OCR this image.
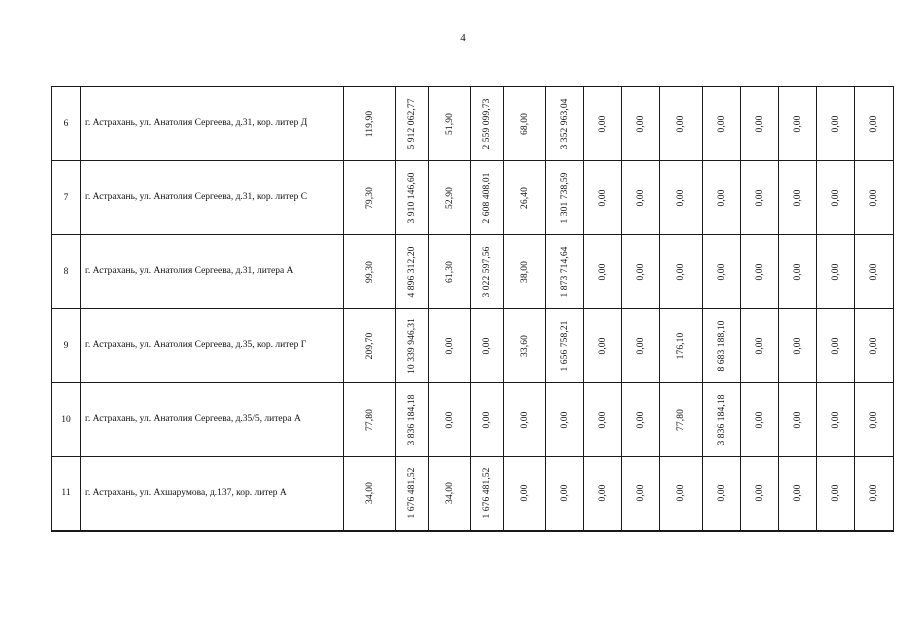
4
6	г. Астрахань, ул. Анатолия Сергеева, д.31, кор. литер Д	119,90	5 912 062,77	51,90	2 559 099,73	68,00	3 352 963,04	0,00	0,00	0,00	0,00	0,00	0,00	0,00	0,00

7	г. Астрахань, ул. Анатолия Сергеева, д.31, кор. литер С	79,30	3 910 146,60	52,90	2 608 408,01	26,40	1 301 738,59	0,00	0,00	0,00	0,00	0,00	0,00	0,00	0,00

8	г. Астрахань, ул. Анатолия Сергеева, д.31, литера А	99,30	4 896 312,20	61,30	3 022 597,56	38,00	1 873 714,64	0,00	0,00	0,00	0,00	0,00	0,00	0,00	0,00

9	г. Астрахань, ул. Анатолия Сергеева, д.35, кор. литер Г	209,70	10 339 946,31	0,00	0,00	33,60	1 656 758,21	0,00	0,00	176,10	8 683 188,10	0,00	0,00	0,00	0,00

10	г. Астрахань, ул. Анатолия Сергеева, д.35/5, литера А	77,80	3 836 184,18	0,00	0,00	0,00	0,00	0,00	0,00	77,80	3 836 184,18	0,00	0,00	0,00	0,00

11	г. Астрахань, ул. Ахшарумова, д.137, кор. литер А	34,00	1 676 481,52	34,00	1 676 481,52	0,00	0,00	0,00	0,00	0,00	0,00	0,00	0,00	0,00	0,00
